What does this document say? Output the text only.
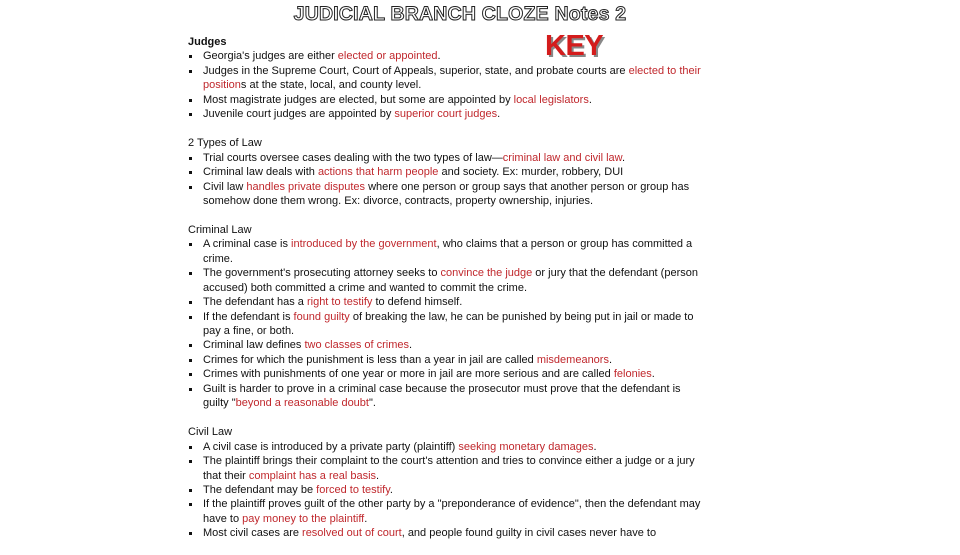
JUDICIAL BRANCH CLOZE Notes 2
KEY
Judges
Georgia's judges are either elected or appointed.
Judges in the Supreme Court, Court of Appeals, superior, state, and probate courts are elected to their positions at the state, local, and county level.
Most magistrate judges are elected, but some are appointed by local legislators.
Juvenile court judges are appointed by superior court judges.
2 Types of Law
Trial courts oversee cases dealing with the two types of law—criminal law and civil law.
Criminal law deals with actions that harm people and society. Ex: murder, robbery, DUI
Civil law handles private disputes where one person or group says that another person or group has somehow done them wrong. Ex: divorce, contracts, property ownership, injuries.
Criminal Law
A criminal case is introduced by the government, who claims that a person or group has committed a crime.
The government's prosecuting attorney seeks to convince the judge or jury that the defendant (person accused) both committed a crime and wanted to commit the crime.
The defendant has a right to testify to defend himself.
If the defendant is found guilty of breaking the law, he can be punished by being put in jail or made to pay a fine, or both.
Criminal law defines two classes of crimes.
Crimes for which the punishment is less than a year in jail are called misdemeanors.
Crimes with punishments of one year or more in jail are more serious and are called felonies.
Guilt is harder to prove in a criminal case because the prosecutor must prove that the defendant is guilty "beyond a reasonable doubt".
Civil Law
A civil case is introduced by a private party (plaintiff) seeking monetary damages.
The plaintiff brings their complaint to the court's attention and tries to convince either a judge or a jury that their complaint has a real basis.
The defendant may be forced to testify.
If the plaintiff proves guilt of the other party by a "preponderance of evidence", then the defendant may have to pay money to the plaintiff.
Most civil cases are resolved out of court, and people found guilty in civil cases never have to
